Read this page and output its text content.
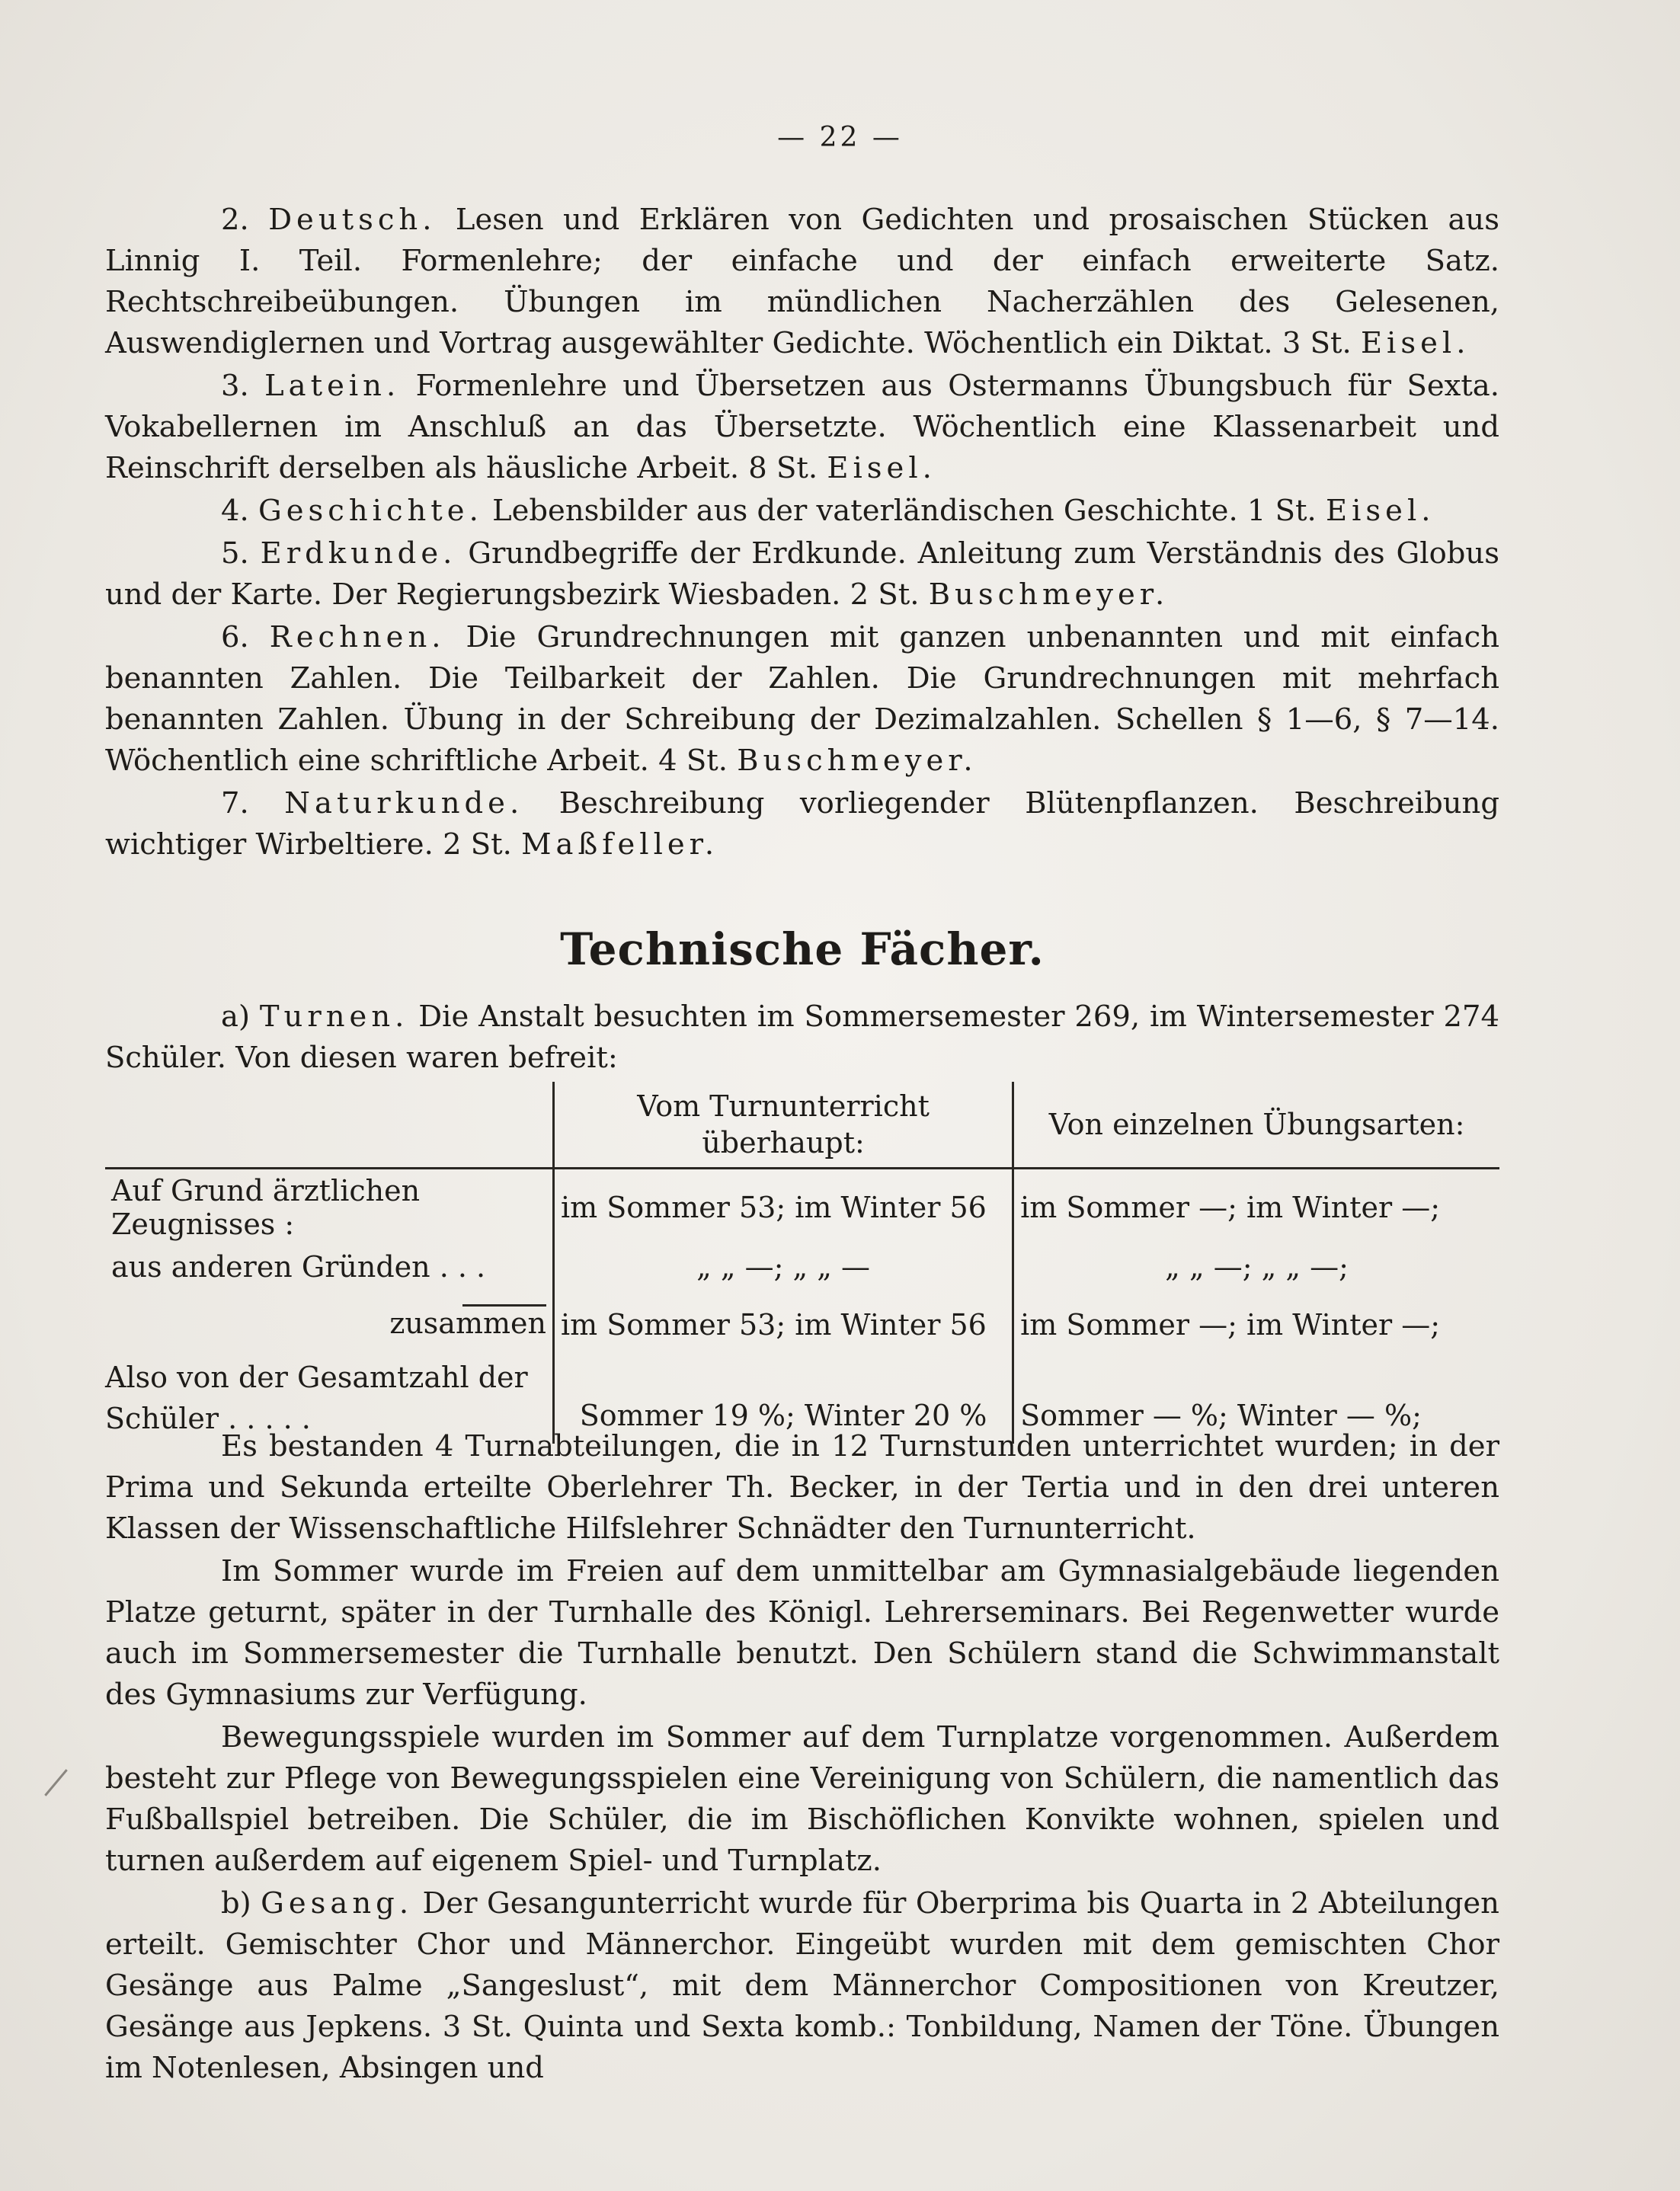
— 22 —

2. Deutsch. Lesen und Erklären von Gedichten und prosaischen Stücken aus Linnig I. Teil. Formenlehre; der einfache und der einfach erweiterte Satz. Rechtschreibeübungen. Übungen im mündlichen Nacherzählen des Gelesenen, Auswendiglernen und Vortrag ausgewählter Gedichte. Wöchentlich ein Diktat. 3 St. Eisel.

3. Latein. Formenlehre und Übersetzen aus Ostermanns Übungsbuch für Sexta. Vokabellernen im Anschluß an das Übersetzte. Wöchentlich eine Klassenarbeit und Reinschrift derselben als häusliche Arbeit. 8 St. Eisel.

4. Geschichte. Lebensbilder aus der vaterländischen Geschichte. 1 St. Eisel.

5. Erdkunde. Grundbegriffe der Erdkunde. Anleitung zum Verständnis des Globus und der Karte. Der Regierungsbezirk Wiesbaden. 2 St. Buschmeyer.

6. Rechnen. Die Grundrechnungen mit ganzen unbenannten und mit einfach benannten Zahlen. Die Teilbarkeit der Zahlen. Die Grundrechnungen mit mehrfach benannten Zahlen. Übung in der Schreibung der Dezimalzahlen. Schellen § 1—6, § 7—14. Wöchentlich eine schriftliche Arbeit. 4 St. Buschmeyer.

7. Naturkunde. Beschreibung vorliegender Blütenpflanzen. Beschreibung wichtiger Wirbeltiere. 2 St. Maßfeller.

Technische Fächer.

a) Turnen. Die Anstalt besuchten im Sommersemester 269, im Wintersemester 274 Schüler. Von diesen waren befreit:

	Vom Turnunterricht überhaupt:	Von einzelnen Übungsarten:
Auf Grund ärztlichen Zeugnisses :	im Sommer 53; im Winter 56	im Sommer —; im Winter —;
aus anderen Gründen . . .	„ „ —; „ „ —	„ „ —; „ „ —;

zusammen	im Sommer 53; im Winter 56	im Sommer —; im Winter —;
Also von der Gesamtzahl der Schüler . . . . .	Sommer 19 %; Winter 20 %	Sommer — %; Winter — %;

Es bestanden 4 Turnabteilungen, die in 12 Turnstunden unterrichtet wurden; in der Prima und Sekunda erteilte Oberlehrer Th. Becker, in der Tertia und in den drei unteren Klassen der Wissenschaftliche Hilfslehrer Schnädter den Turnunterricht.

Im Sommer wurde im Freien auf dem unmittelbar am Gymnasialgebäude liegenden Platze geturnt, später in der Turnhalle des Königl. Lehrerseminars. Bei Regenwetter wurde auch im Sommersemester die Turnhalle benutzt. Den Schülern stand die Schwimmanstalt des Gymnasiums zur Verfügung.

Bewegungsspiele wurden im Sommer auf dem Turnplatze vorgenommen. Außerdem besteht zur Pflege von Bewegungsspielen eine Vereinigung von Schülern, die namentlich das Fußballspiel betreiben. Die Schüler, die im Bischöflichen Konvikte wohnen, spielen und turnen außerdem auf eigenem Spiel- und Turnplatz.

b) Gesang. Der Gesangunterricht wurde für Oberprima bis Quarta in 2 Abteilungen erteilt. Gemischter Chor und Männerchor. Eingeübt wurden mit dem gemischten Chor Gesänge aus Palme „Sangeslust“, mit dem Männerchor Compositionen von Kreutzer, Gesänge aus Jepkens. 3 St. Quinta und Sexta komb.: Tonbildung, Namen der Töne. Übungen im Notenlesen, Absingen und
